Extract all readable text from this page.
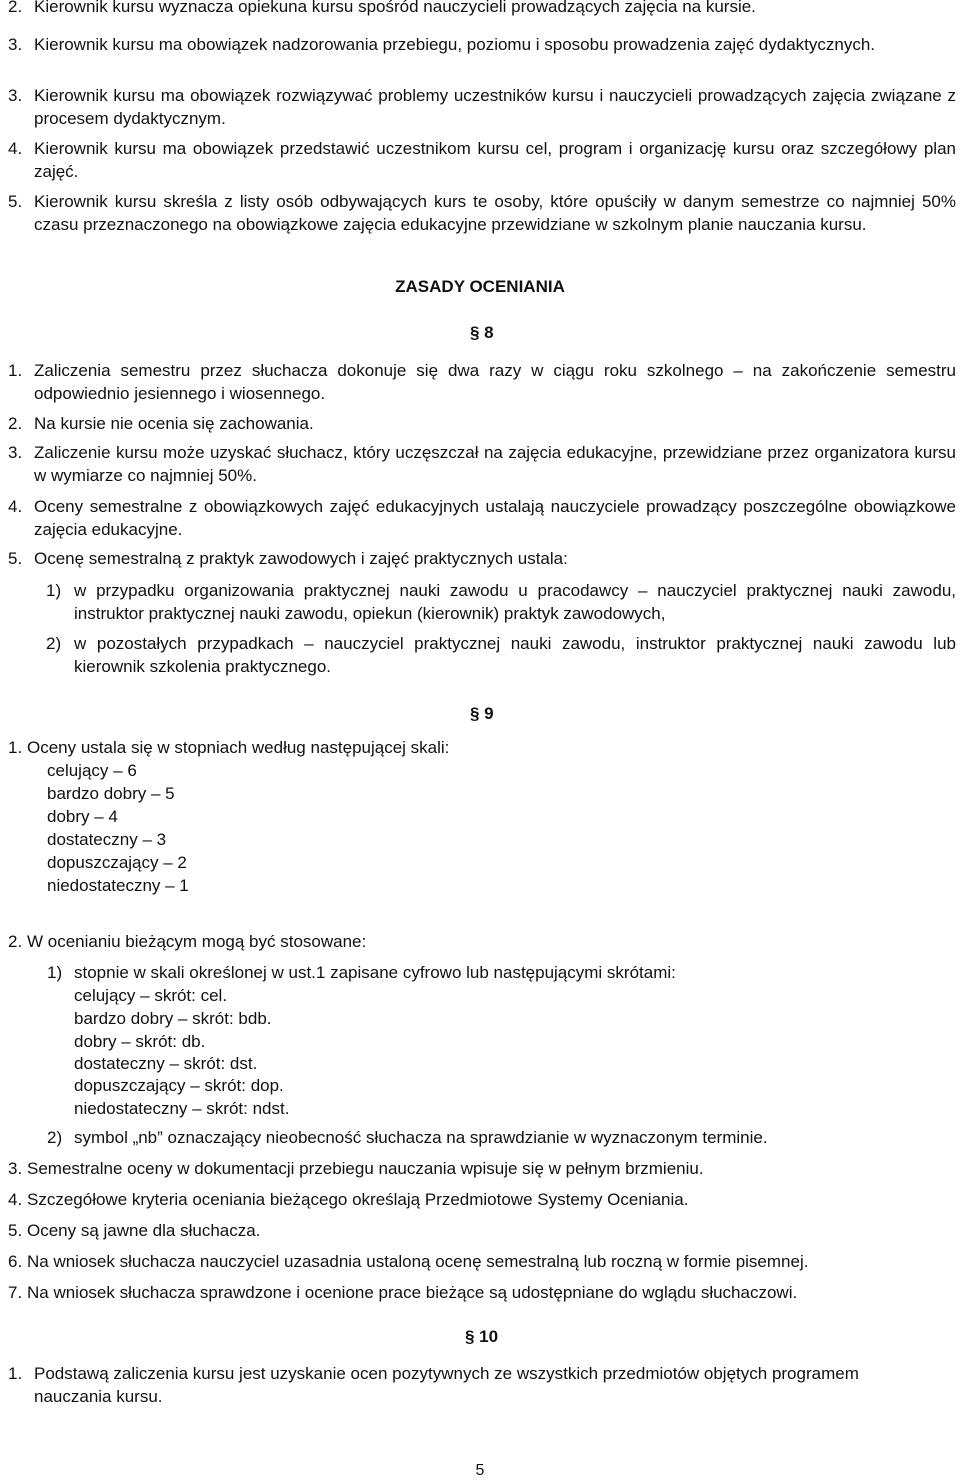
2. Kierownik kursu wyznacza opiekuna kursu spośród nauczycieli prowadzących zajęcia na kursie.

3. Kierownik kursu ma obowiązek nadzorowania przebiegu, poziomu i sposobu prowadzenia zajęć dydaktycznych.

3. Kierownik kursu ma obowiązek rozwiązywać problemy uczestników kursu i nauczycieli prowadzących zajęcia związane z procesem dydaktycznym.

4. Kierownik kursu ma obowiązek przedstawić uczestnikom kursu cel, program i organizację kursu oraz szczegółowy plan zajęć.

5. Kierownik kursu skreśla z listy osób odbywających kurs te osoby, które opuściły w danym semestrze co najmniej 50% czasu przeznaczonego na obowiązkowe zajęcia edukacyjne przewidziane w szkolnym planie nauczania kursu.

ZASADY OCENIANIA

§ 8

1. Zaliczenia semestru przez słuchacza dokonuje się dwa razy w ciągu roku szkolnego – na zakończenie semestru odpowiednio jesiennego i wiosennego.

2. Na kursie nie ocenia się zachowania.

3. Zaliczenie kursu może uzyskać słuchacz, który uczęszczał na zajęcia edukacyjne, przewidziane przez organizatora kursu w wymiarze co najmniej 50%.

4. Oceny semestralne z obowiązkowych zajęć edukacyjnych ustalają nauczyciele prowadzący poszczególne obowiązkowe zajęcia edukacyjne.

5. Ocenę semestralną z praktyk zawodowych i zajęć praktycznych ustala:

1) w przypadku organizowania praktycznej nauki zawodu u pracodawcy – nauczyciel praktycznej nauki zawodu, instruktor praktycznej nauki zawodu, opiekun (kierownik) praktyk zawodowych,

2) w pozostałych przypadkach – nauczyciel praktycznej nauki zawodu, instruktor praktycznej nauki zawodu lub kierownik szkolenia praktycznego.

§ 9

1. Oceny ustala się w stopniach według następującej skali:

celujący – 6

bardzo dobry – 5

dobry – 4

dostateczny – 3

dopuszczający – 2

niedostateczny – 1

2. W ocenianiu bieżącym mogą być stosowane:

1) stopnie w skali określonej w ust.1 zapisane cyfrowo lub następującymi skrótami:

celujący – skrót: cel.

bardzo dobry – skrót: bdb.

dobry – skrót: db.

dostateczny – skrót: dst.

dopuszczający – skrót: dop.

niedostateczny – skrót: ndst.

2) symbol „nb” oznaczający nieobecność słuchacza na sprawdzianie w wyznaczonym terminie.

3. Semestralne oceny w dokumentacji przebiegu nauczania wpisuje się w pełnym brzmieniu.

4. Szczegółowe kryteria oceniania bieżącego określają Przedmiotowe Systemy Oceniania.

5. Oceny są jawne dla słuchacza.

6. Na wniosek słuchacza nauczyciel uzasadnia ustaloną ocenę semestralną lub roczną w formie pisemnej.

7. Na wniosek słuchacza sprawdzone i ocenione prace bieżące są udostępniane do wglądu słuchaczowi.

§ 10

1. Podstawą zaliczenia kursu jest uzyskanie ocen pozytywnych ze wszystkich przedmiotów objętych programem nauczania kursu.

5
